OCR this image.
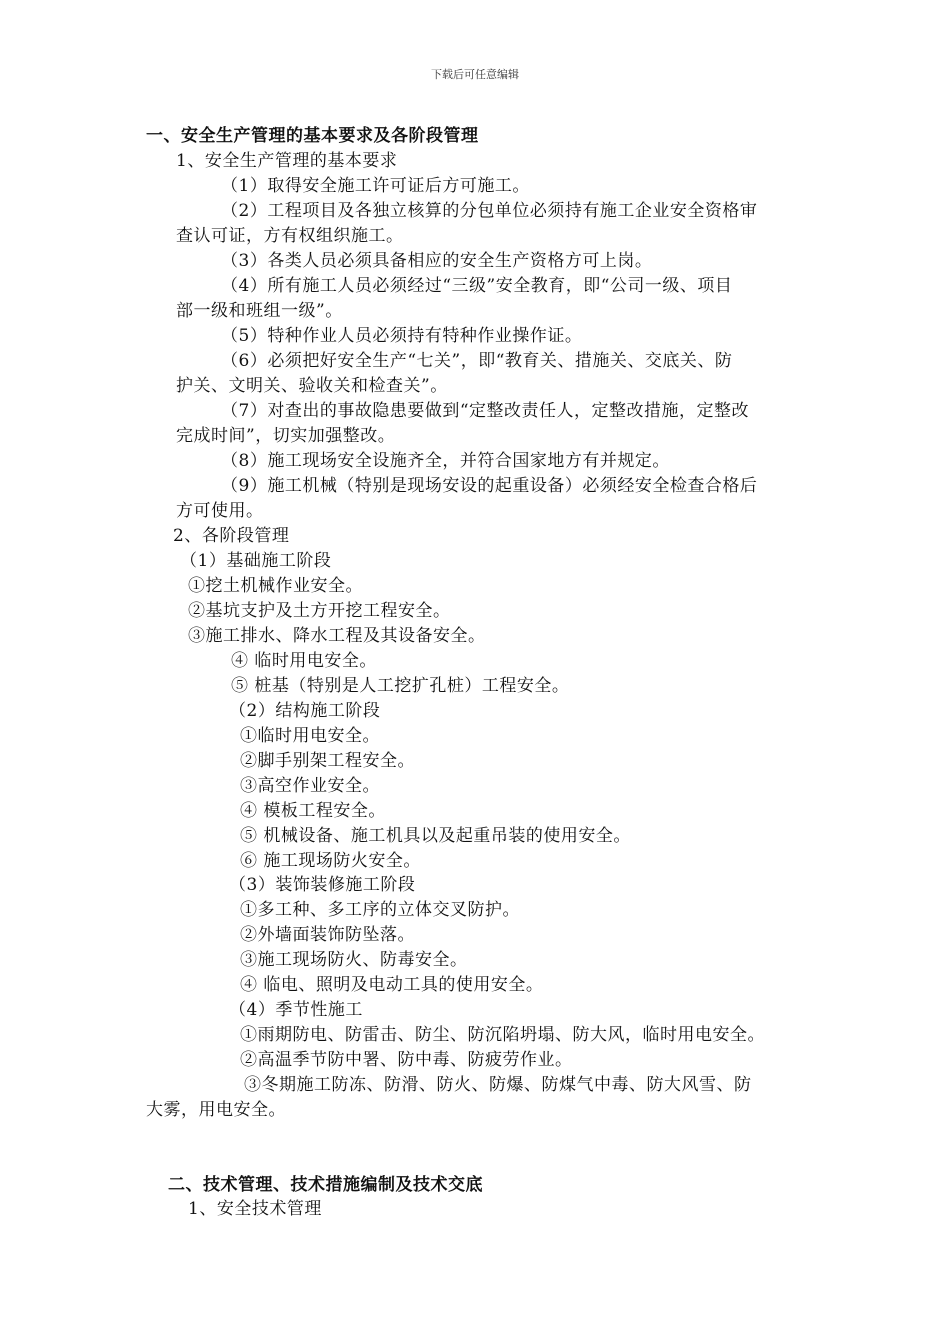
下载后可任意编辑
一、安全生产管理的基本要求及各阶段管理
1、安全生产管理的基本要求
（1）取得安全施工许可证后方可施工。
（2）工程项目及各独立核算的分包单位必须持有施工企业安全资格审
查认可证，方有权组织施工。
（3）各类人员必须具备相应的安全生产资格方可上岗。
（4）所有施工人员必须经过“三级”安全教育，即“公司一级、项目
部一级和班组一级”。
（5）特种作业人员必须持有特种作业操作证。
（6）必须把好安全生产“七关”，即“教育关、措施关、交底关、防
护关、文明关、验收关和检查关”。
（7）对查出的事故隐患要做到“定整改责任人，定整改措施，定整改
完成时间”，切实加强整改。
（8）施工现场安全设施齐全，并符合国家地方有并规定。
（9）施工机械（特别是现场安设的起重设备）必须经安全检查合格后
方可使用。
2、各阶段管理
（1）基础施工阶段
①挖土机械作业安全。
②基坑支护及土方开挖工程安全。
③施工排水、降水工程及其设备安全。
④ 临时用电安全。
⑤ 桩基（特别是人工挖扩孔桩）工程安全。
（2）结构施工阶段
①临时用电安全。
②脚手别架工程安全。
③高空作业安全。
④ 模板工程安全。
⑤ 机械设备、施工机具以及起重吊装的使用安全。
⑥ 施工现场防火安全。
（3）装饰装修施工阶段
①多工种、多工序的立体交叉防护。
②外墙面装饰防坠落。
③施工现场防火、防毒安全。
④ 临电、照明及电动工具的使用安全。
（4）季节性施工
①雨期防电、防雷击、防尘、防沉陷坍塌、防大风，临时用电安全。
②高温季节防中署、防中毒、防疲劳作业。
③冬期施工防冻、防滑、防火、防爆、防煤气中毒、防大风雪、防
大雾，用电安全。
二、技术管理、技术措施编制及技术交底
1、安全技术管理
